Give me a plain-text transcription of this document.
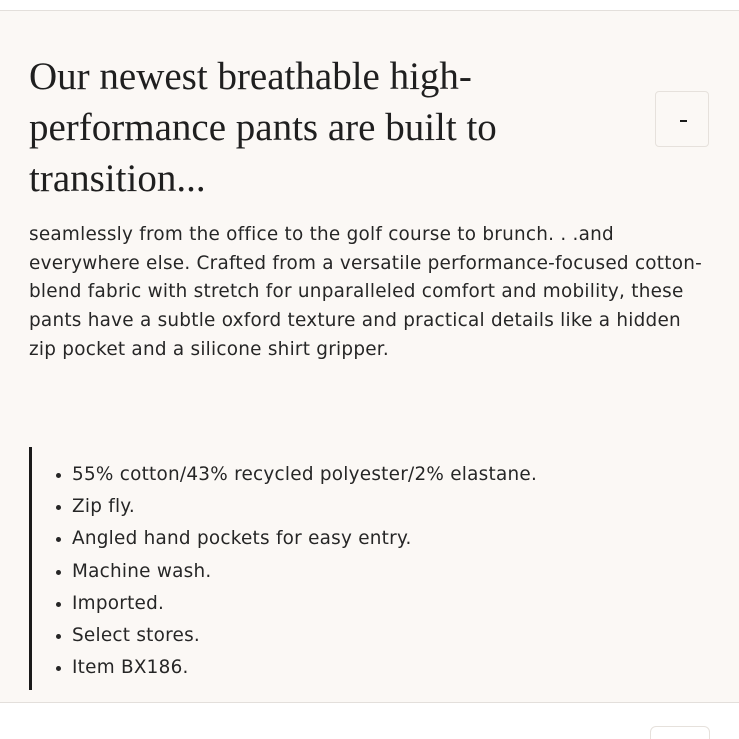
Our newest breathable high-performance pants are built to transition...

seamlessly from the office to the golf course to brunch. . .and everywhere else. Crafted from a versatile performance-focused cotton-blend fabric with stretch for unparalleled comfort and mobility, these pants have a subtle oxford texture and practical details like a hidden zip pocket and a silicone shirt gripper.

55% cotton/43% recycled polyester/2% elastane.
Zip fly.
Angled hand pockets for easy entry.
Machine wash.
Imported.
Select stores.
Item BX186.
